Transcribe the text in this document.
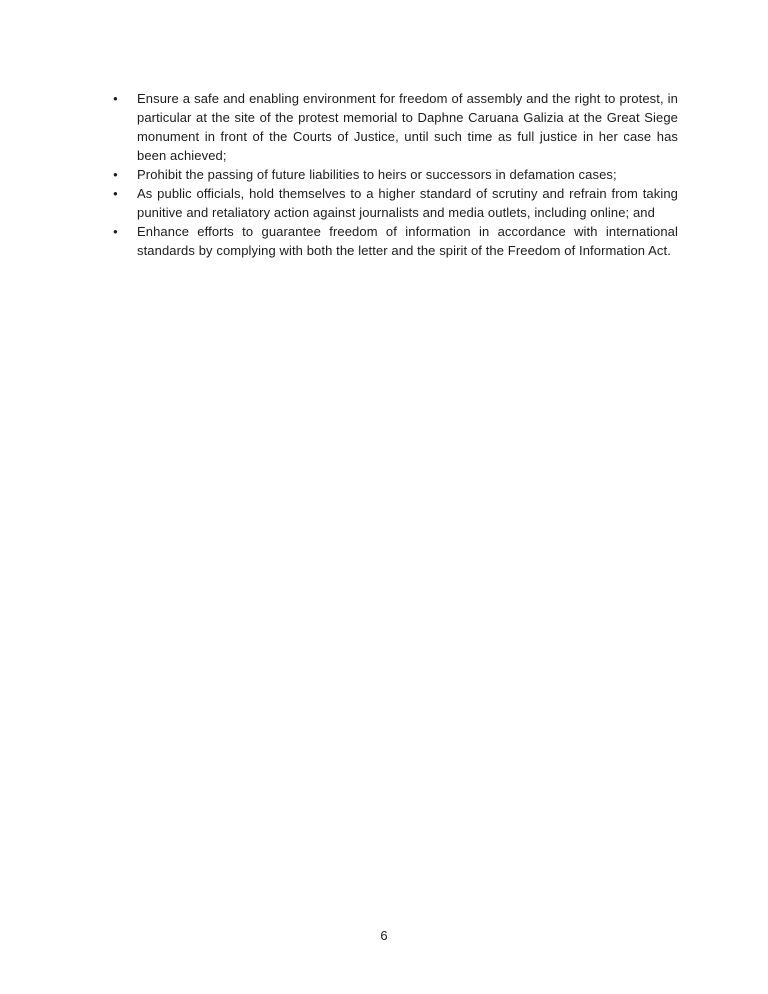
●	Ensure a safe and enabling environment for freedom of assembly and the right to protest, in particular at the site of the protest memorial to Daphne Caruana Galizia at the Great Siege monument in front of the Courts of Justice, until such time as full justice in her case has been achieved;

●	Prohibit the passing of future liabilities to heirs or successors in defamation cases;

●	As public officials, hold themselves to a higher standard of scrutiny and refrain from taking punitive and retaliatory action against journalists and media outlets, including online; and

●	Enhance efforts to guarantee freedom of information in accordance with international standards by complying with both the letter and the spirit of the Freedom of Information Act.

6
